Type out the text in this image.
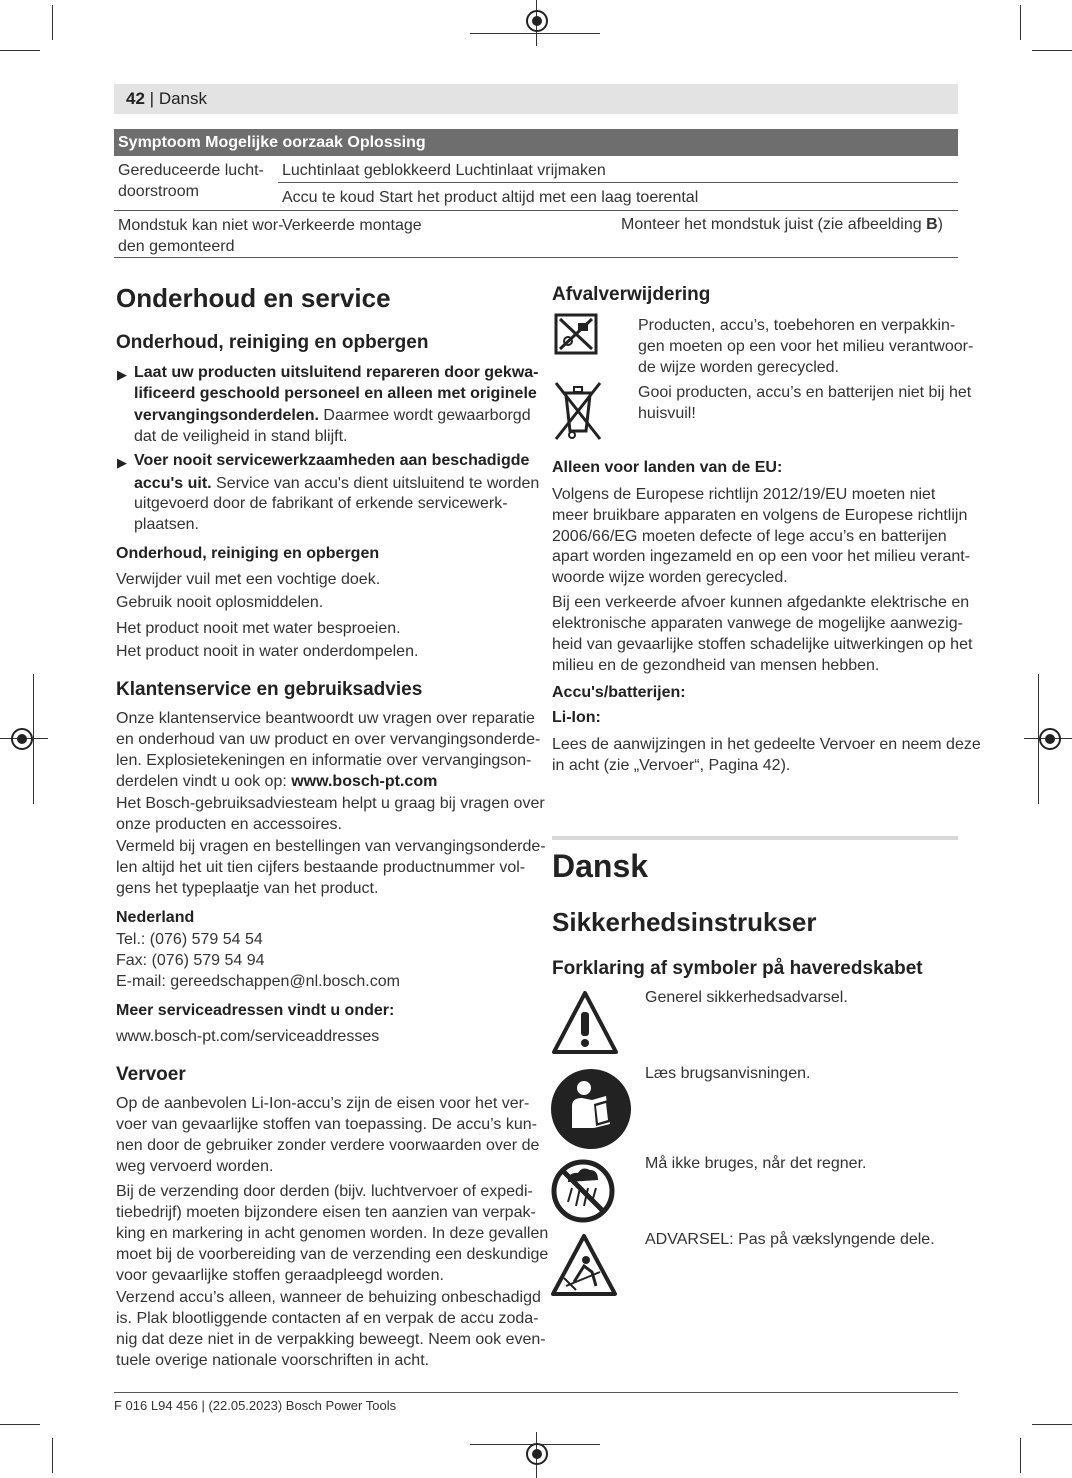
42 | Dansk
Symptoom Mogelijke oorzaak Oplossing
Gereduceerde lucht-
doorstroom
Luchtinlaat geblokkeerd Luchtinlaat vrijmaken
Accu te koud Start het product altijd met een laag toerental
Mondstuk kan niet wor-
den gemonteerd
Verkeerde montage	Monteer het mondstuk juist (zie afbeelding B)
Onderhoud en service
Onderhoud, reiniging en opbergen
▶ Laat uw producten uitsluitend repareren door gekwa-

lificeerd geschoold personeel en alleen met originele

vervangingsonderdelen. Daarmee wordt gewaarborgd

dat de veiligheid in stand blijft.

▶ Voer nooit servicewerkzaamheden aan beschadigde

accu's uit. Service van accu's dient uitsluitend te worden

uitgevoerd door de fabrikant of erkende servicewerk-

plaatsen.

Onderhoud, reiniging en opbergen

Verwijder vuil met een vochtige doek.

Gebruik nooit oplosmiddelen.

Het product nooit met water besproeien.

Het product nooit in water onderdompelen.

Klantenservice en gebruiksadvies

Onze klantenservice beantwoordt uw vragen over reparatie

en onderhoud van uw product en over vervangingsonderde-

len. Explosietekeningen en informatie over vervangingson-

derdelen vindt u ook op: www.bosch-pt.com

Het Bosch-gebruiksadviesteam helpt u graag bij vragen over

onze producten en accessoires.

Vermeld bij vragen en bestellingen van vervangingsonderde-

len altijd het uit tien cijfers bestaande productnummer vol-

gens het typeplaatje van het product.

Nederland

Tel.: (076) 579 54 54

Fax: (076) 579 54 94

E-mail: gereedschappen@nl.bosch.com

Meer serviceadressen vindt u onder:

www.bosch-pt.com/serviceaddresses

Vervoer

Op de aanbevolen Li-Ion-accu’s zijn de eisen voor het ver-

voer van gevaarlijke stoffen van toepassing. De accu’s kun-

nen door de gebruiker zonder verdere voorwaarden over de

weg vervoerd worden.

Bij de verzending door derden (bijv. luchtvervoer of expedi-

tiebedrijf) moeten bijzondere eisen ten aanzien van verpak-

king en markering in acht genomen worden. In deze gevallen

moet bij de voorbereiding van de verzending een deskundige

voor gevaarlijke stoffen geraadpleegd worden.

Verzend accu’s alleen, wanneer de behuizing onbeschadigd

is. Plak blootliggende contacten af en verpak de accu zoda-

nig dat deze niet in de verpakking beweegt. Neem ook even-

tuele overige nationale voorschriften in acht.

Afvalverwijdering

Producten, accu’s, toebehoren en verpakkin-

gen moeten op een voor het milieu verantwoor-

de wijze worden gerecycled.

Gooi producten, accu’s en batterijen niet bij het

huisvuil!

Alleen voor landen van de EU:

Volgens de Europese richtlijn 2012/19/EU moeten niet

meer bruikbare apparaten en volgens de Europese richtlijn

2006/66/EG moeten defecte of lege accu’s en batterijen

apart worden ingezameld en op een voor het milieu verant-

woorde wijze worden gerecycled.

Bij een verkeerde afvoer kunnen afgedankte elektrische en

elektronische apparaten vanwege de mogelijke aanwezig-

heid van gevaarlijke stoffen schadelijke uitwerkingen op het

milieu en de gezondheid van mensen hebben.

Accu's/batterijen:

Li-Ion:

Lees de aanwijzingen in het gedeelte Vervoer en neem deze

in acht (zie „Vervoer“, Pagina 42).

Dansk
Sikkerhedsinstrukser
Forklaring af symboler på haveredskabet

Generel sikkerhedsadvarsel.

Læs brugsanvisningen.

Må ikke bruges, når det regner.

ADVARSEL: Pas på vækslyngende dele.

F 016 L94 456 | (22.05.2023) Bosch Power Tools
